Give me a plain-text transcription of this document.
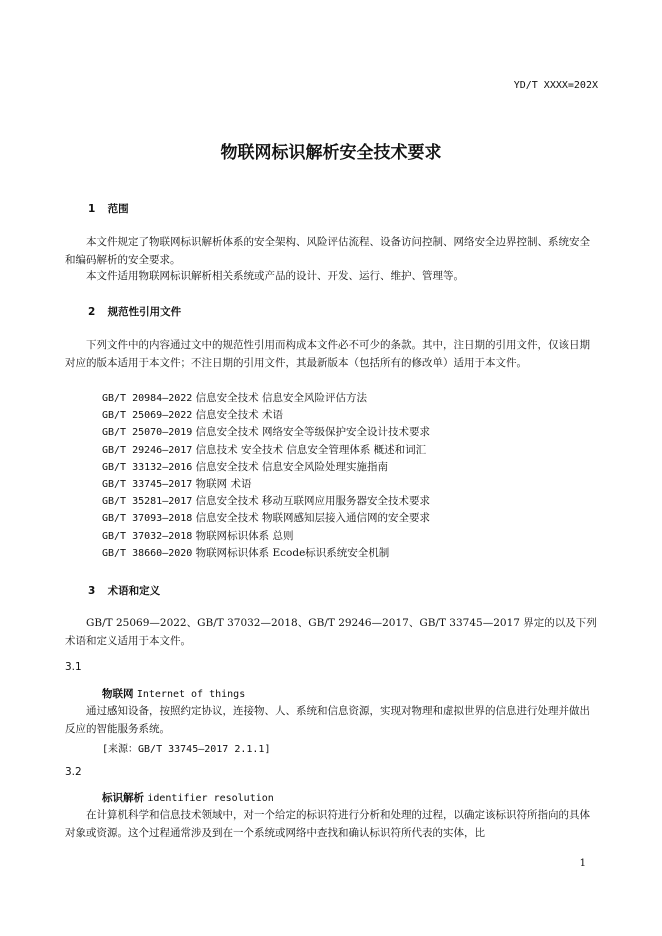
YD/T XXXX=202X
物联网标识解析安全技术要求
1 范围
本文件规定了物联网标识解析体系的安全架构、风险评估流程、设备访问控制、网络安全边界控制、系统安全和编码解析的安全要求。
本文件适用物联网标识解析相关系统或产品的设计、开发、运行、维护、管理等。
2 规范性引用文件
下列文件中的内容通过文中的规范性引用而构成本文件必不可少的条款。其中，注日期的引用文件，仅该日期对应的版本适用于本文件；不注日期的引用文件，其最新版本（包括所有的修改单）适用于本文件。
GB/T 20984—2022 信息安全技术 信息安全风险评估方法
GB/T 25069—2022 信息安全技术 术语
GB/T 25070—2019 信息安全技术 网络安全等级保护安全设计技术要求
GB/T 29246—2017 信息技术 安全技术 信息安全管理体系 概述和词汇
GB/T 33132—2016 信息安全技术 信息安全风险处理实施指南
GB/T 33745—2017 物联网 术语
GB/T 35281—2017 信息安全技术 移动互联网应用服务器安全技术要求
GB/T 37093—2018 信息安全技术 物联网感知层接入通信网的安全要求
GB/T 37032—2018 物联网标识体系 总则
GB/T 38660—2020 物联网标识体系 Ecode标识系统安全机制
3 术语和定义
GB/T 25069—2022、GB/T 37032—2018、GB/T 29246—2017、GB/T 33745—2017 界定的以及下列术语和定义适用于本文件。
3.1
物联网 Internet of things
通过感知设备，按照约定协议，连接物、人、系统和信息资源，实现对物理和虚拟世界的信息进行处理并做出反应的智能服务系统。
[来源：GB/T 33745—2017 2.1.1]
3.2
标识解析 identifier resolution
在计算机科学和信息技术领域中，对一个给定的标识符进行分析和处理的过程，以确定该标识符所指向的具体对象或资源。这个过程通常涉及到在一个系统或网络中查找和确认标识符所代表的实体，比
1
